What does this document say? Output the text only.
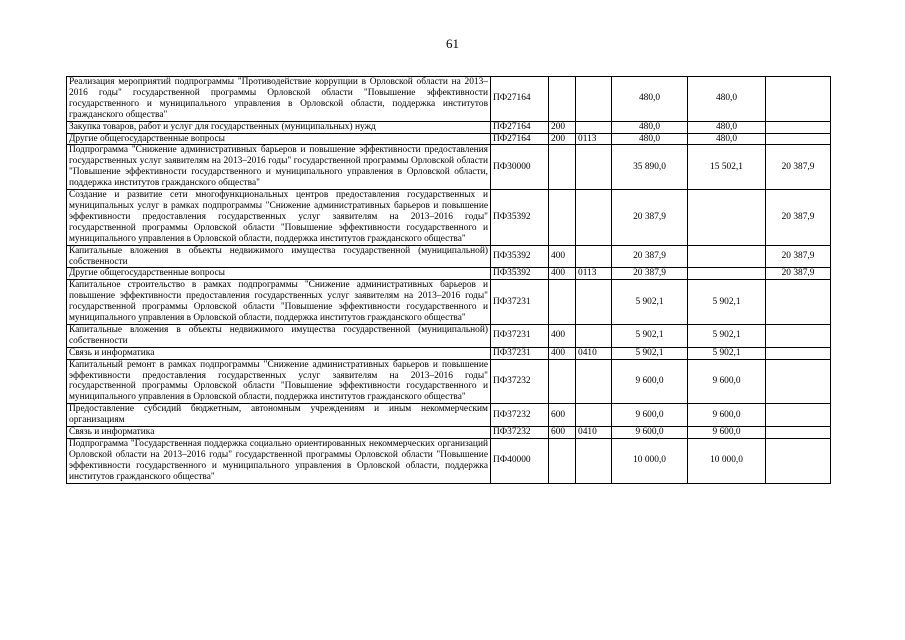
61
Реализация мероприятий подпрограммы "Противодействие коррупции в Орловской области на 2013–2016 годы" государственной программы Орловской области "Повышение эффективности государственного и муниципального управления в Орловской области, поддержка институтов гражданского общества"	ПФ27164			480,0	480,0	
Закупка товаров, работ и услуг для государственных (муниципальных) нужд	ПФ27164	200		480,0	480,0	
Другие общегосударственные вопросы	ПФ27164	200	0113	480,0	480,0	
Подпрограмма "Снижение административных барьеров и повышение эффективности предоставления государственных услуг заявителям на 2013–2016 годы" государственной программы Орловской области "Повышение эффективности государственного и муниципального управления в Орловской области, поддержка институтов гражданского общества"	ПФ30000			35 890,0	15 502,1	20 387,9
Создание и развитие сети многофункциональных центров предоставления государственных и муниципальных услуг в рамках подпрограммы "Снижение административных барьеров и повышение эффективности предоставления государственных услуг заявителям на 2013–2016 годы" государственной программы Орловской области "Повышение эффективности государственного и муниципального управления в Орловской области, поддержка институтов гражданского общества"	ПФ35392			20 387,9		20 387,9
Капитальные вложения в объекты недвижимого имущества государственной (муниципальной) собственности	ПФ35392	400		20 387,9		20 387,9
Другие общегосударственные вопросы	ПФ35392	400	0113	20 387,9		20 387,9
Капитальное строительство в рамках подпрограммы "Снижение административных барьеров и повышение эффективности предоставления государственных услуг заявителям на 2013–2016 годы" государственной программы Орловской области "Повышение эффективности государственного и муниципального управления в Орловской области, поддержка институтов гражданского общества"	ПФ37231			5 902,1	5 902,1	
Капитальные вложения в объекты недвижимого имущества государственной (муниципальной) собственности	ПФ37231	400		5 902,1	5 902,1	
Связь и информатика	ПФ37231	400	0410	5 902,1	5 902,1	
Капитальный ремонт в рамках подпрограммы "Снижение административных барьеров и повышение эффективности предоставления государственных услуг заявителям на 2013–2016 годы" государственной программы Орловской области "Повышение эффективности государственного и муниципального управления в Орловской области, поддержка институтов гражданского общества"	ПФ37232			9 600,0	9 600,0	
Предоставление субсидий бюджетным, автономным учреждениям и иным некоммерческим организациям	ПФ37232	600		9 600,0	9 600,0	
Связь и информатика	ПФ37232	600	0410	9 600,0	9 600,0	
Подпрограмма "Государственная поддержка социально ориентированных некоммерческих организаций Орловской области на 2013–2016 годы" государственной программы Орловской области "Повышение эффективности государственного и муниципального управления в Орловской области, поддержка институтов гражданского общества"	ПФ40000			10 000,0	10 000,0	
